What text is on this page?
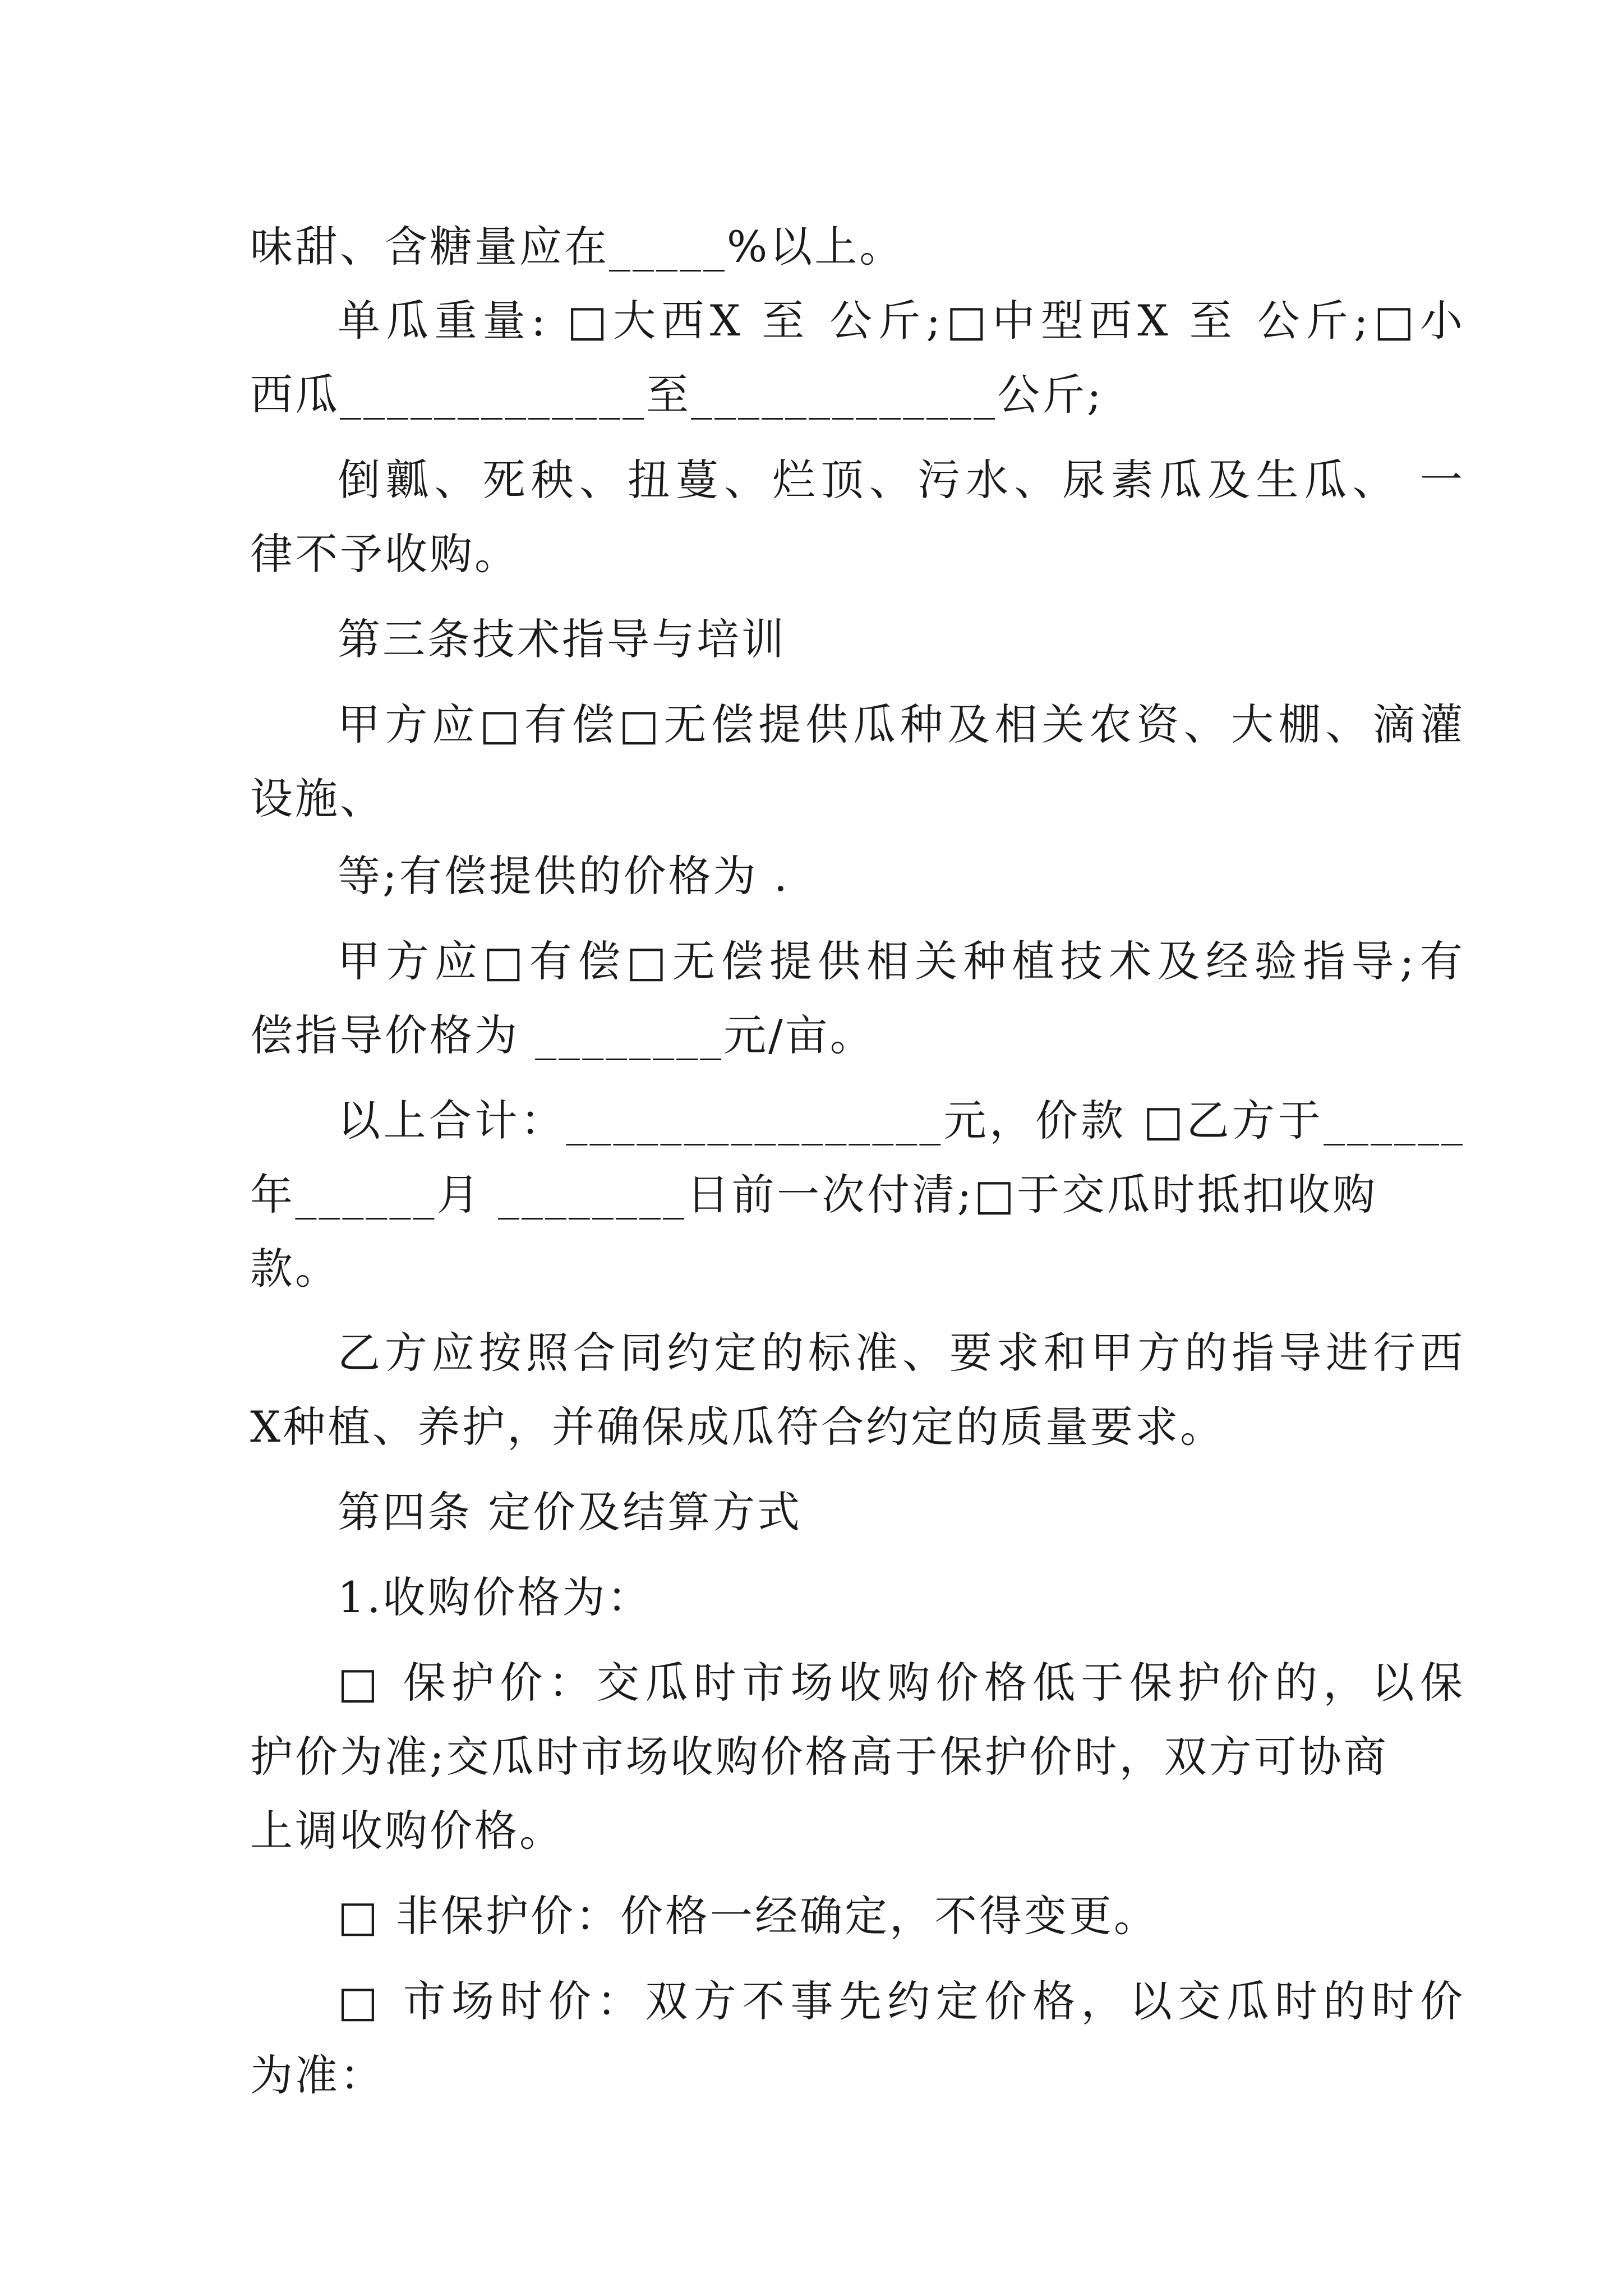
味甜、含糖量应在_____%以上。
单瓜重量: □大西X 至 公斤;□中型西X 至 公斤;□小
西瓜_____________至_____________公斤;
倒瓤、死秧、扭蔓、烂顶、污水、尿素瓜及生瓜、 一
律不予收购。
第三条技术指导与培训
甲方应□有偿□无偿提供瓜种及相关农资、大棚、滴灌
设施、
等;有偿提供的价格为 .
甲方应□有偿□无偿提供相关种植技术及经验指导;有
偿指导价格为 ________元/亩。
以上合计：________________元，价款 □乙方于______
年______月 ________日前一次付清;□于交瓜时抵扣收购
款。
乙方应按照合同约定的标准、要求和甲方的指导进行西
X种植、养护，并确保成瓜符合约定的质量要求。
第四条 定价及结算方式
1.收购价格为：
□ 保护价：交瓜时市场收购价格低于保护价的，以保
护价为准;交瓜时市场收购价格高于保护价时，双方可协商
上调收购价格。
□ 非保护价：价格一经确定，不得变更。
□ 市场时价：双方不事先约定价格，以交瓜时的时价
为准：
